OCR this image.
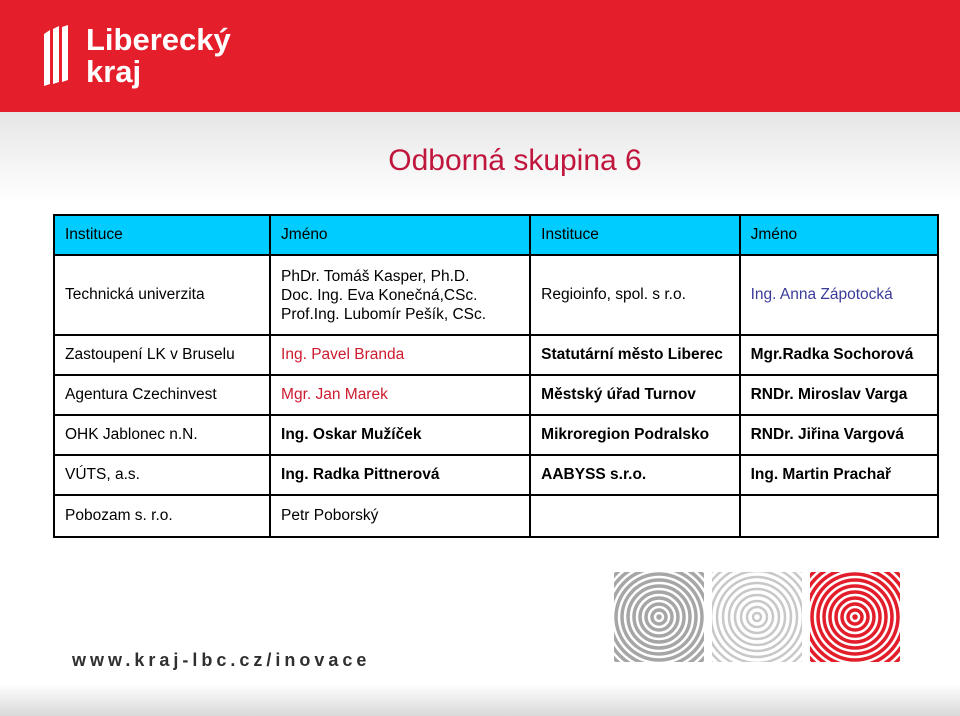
Liberecký
kraj
Odborná skupina 6
Instituce	Jméno	Instituce	Jméno
Technická univerzita	PhDr. Tomáš Kasper, Ph.D.
Doc. Ing. Eva Konečná,CSc.
Prof.Ing. Lubomír Pešík, CSc.	Regioinfo, spol. s r.o.	Ing. Anna Zápotocká
Zastoupení LK v Bruselu	Ing. Pavel Branda	Statutární město Liberec	Mgr.Radka Sochorová
Agentura Czechinvest	Mgr. Jan Marek	Městský úřad Turnov	RNDr. Miroslav Varga
OHK Jablonec n.N.	Ing. Oskar Mužíček	Mikroregion Podralsko	RNDr. Jiřina Vargová
VÚTS, a.s.	Ing. Radka Pittnerová	AABYSS s.r.o.	Ing. Martin Prachař
Pobozam s. r.o.	Petr Poborský		
www.kraj-lbc.cz/inovace
